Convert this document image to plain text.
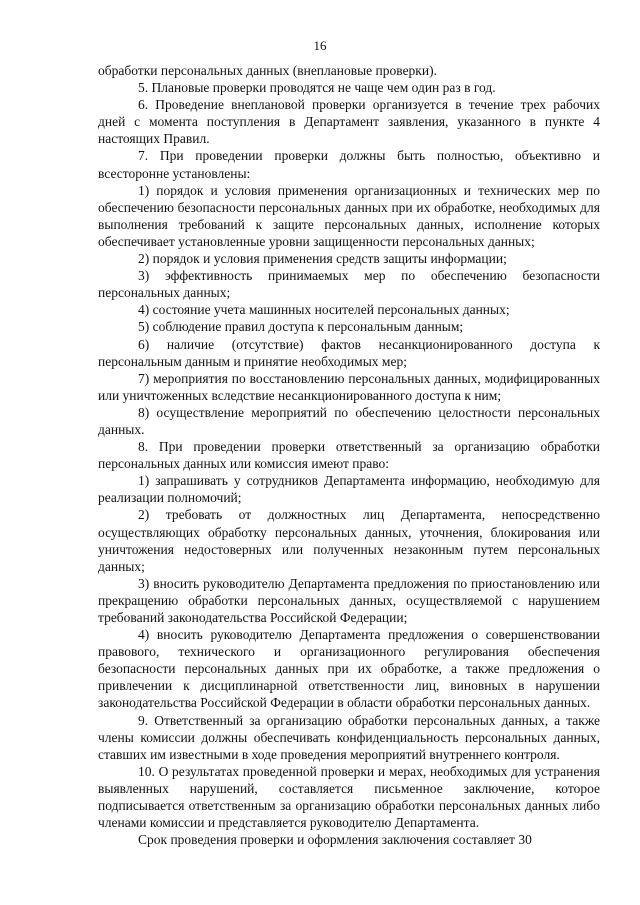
16

обработки персональных данных (внеплановые проверки).

5. Плановые проверки проводятся не чаще чем один раз в год.

6. Проведение внеплановой проверки организуется в течение трех рабочих дней с момента поступления в Департамент заявления, указанного в пункте 4 настоящих Правил.

7. При проведении проверки должны быть полностью, объективно и всесторонне установлены:

1) порядок и условия применения организационных и технических мер по обеспечению безопасности персональных данных при их обработке, необходимых для выполнения требований к защите персональных данных, исполнение которых обеспечивает установленные уровни защищенности персональных данных;

2) порядок и условия применения средств защиты информации;

3) эффективность принимаемых мер по обеспечению безопасности персональных данных;

4) состояние учета машинных носителей персональных данных;

5) соблюдение правил доступа к персональным данным;

6) наличие (отсутствие) фактов несанкционированного доступа к персональным данным и принятие необходимых мер;

7) мероприятия по восстановлению персональных данных, модифицированных или уничтоженных вследствие несанкционированного доступа к ним;

8) осуществление мероприятий по обеспечению целостности персональных данных.

8. При проведении проверки ответственный за организацию обработки персональных данных или комиссия имеют право:

1) запрашивать у сотрудников Департамента информацию, необходимую для реализации полномочий;

2) требовать от должностных лиц Департамента, непосредственно осуществляющих обработку персональных данных, уточнения, блокирования или уничтожения недостоверных или полученных незаконным путем персональных данных;

3) вносить руководителю Департамента предложения по приостановлению или прекращению обработки персональных данных, осуществляемой с нарушением требований законодательства Российской Федерации;

4) вносить руководителю Департамента предложения о совершенствовании правового, технического и организационного регулирования обеспечения безопасности персональных данных при их обработке, а также предложения о привлечении к дисциплинарной ответственности лиц, виновных в нарушении законодательства Российской Федерации в области обработки персональных данных.

9. Ответственный за организацию обработки персональных данных, а также члены комиссии должны обеспечивать конфиденциальность персональных данных, ставших им известными в ходе проведения мероприятий внутреннего контроля.

10. О результатах проведенной проверки и мерах, необходимых для устранения выявленных нарушений, составляется письменное заключение, которое подписывается ответственным за организацию обработки персональных данных либо членами комиссии и представляется руководителю Департамента.

Срок проведения проверки и оформления заключения составляет 30
